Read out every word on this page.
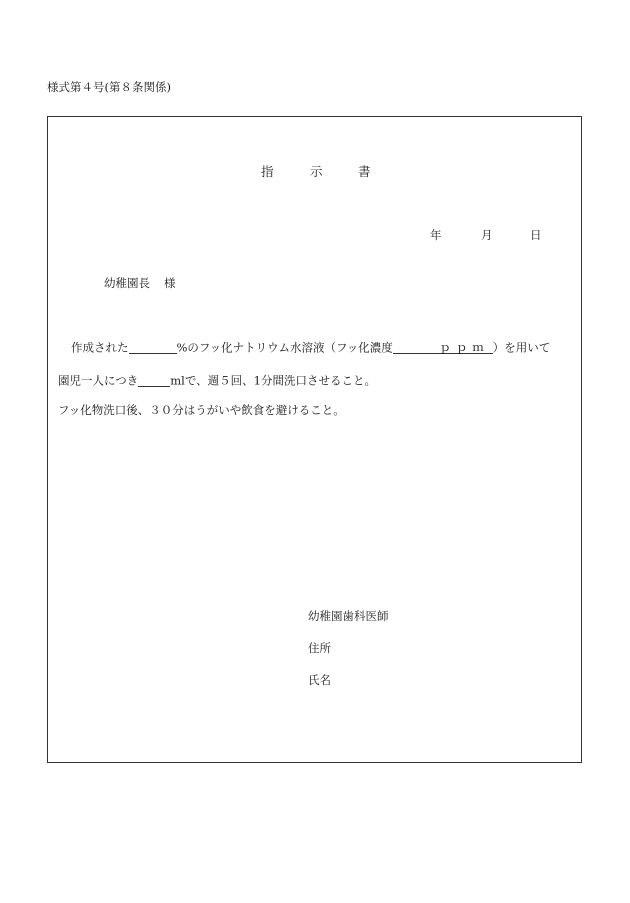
様式第４号(第８条関係)
指	示	書
年	月	日
幼稚園長 様
作成された	%のフッ化ナトリウム水溶液（フッ化濃度	ｐｐｍ ）を用いて
園児一人につき	mlで、週５回、1分間洗口させること。
フッ化物洗口後、３０分はうがいや飲食を避けること。
幼稚園歯科医師
住所
氏名
